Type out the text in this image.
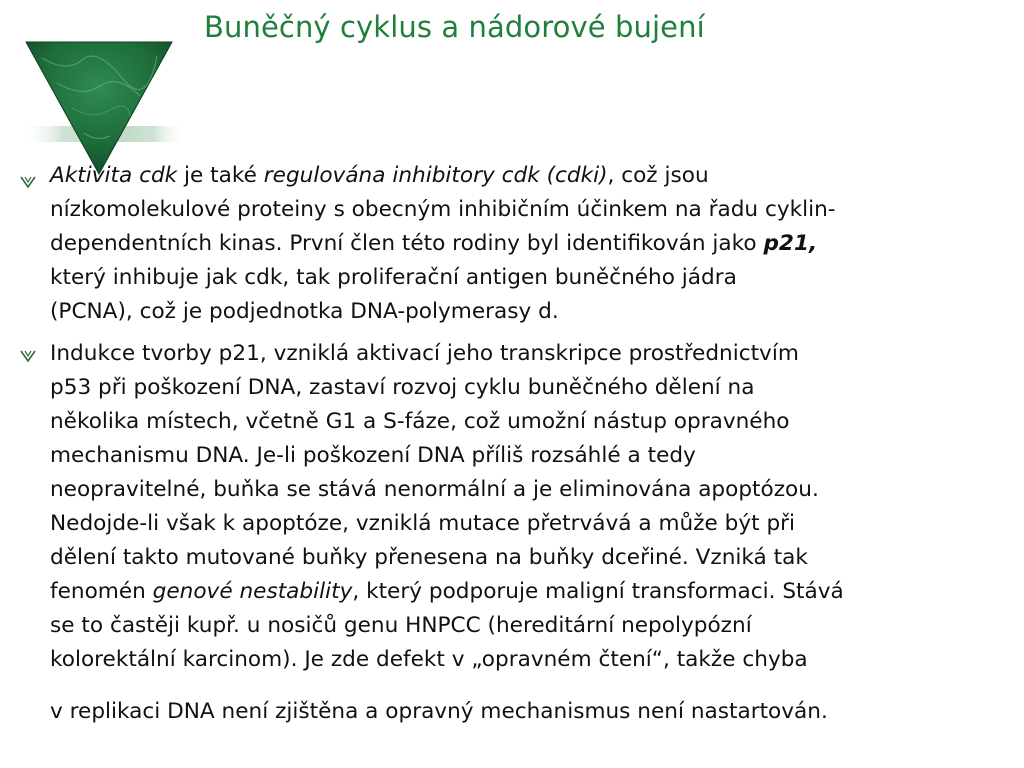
Buněčný cyklus a nádorové bujení
Aktivita cdk je také regulována inhibitory cdk (cdki), což jsou
nízkomolekulové proteiny s obecným inhibičním účinkem na řadu cyklin-
dependentních kinas. První člen této rodiny byl identifikován jako p21,
který inhibuje jak cdk, tak proliferační antigen buněčného jádra
(PCNA), což je podjednotka DNA-polymerasy d.
Indukce tvorby p21, vzniklá aktivací jeho transkripce prostřednictvím
p53 při poškození DNA, zastaví rozvoj cyklu buněčného dělení na
několika místech, včetně G1 a S-fáze, což umožní nástup opravného
mechanismu DNA. Je-li poškození DNA příliš rozsáhlé a tedy
neopravitelné, buňka se stává nenormální a je eliminována apoptózou.
Nedojde-li však k apoptóze, vzniklá mutace přetrvává a může být při
dělení takto mutované buňky přenesena na buňky dceřiné. Vzniká tak
fenomén genové nestability, který podporuje maligní transformaci. Stává
se to častěji kupř. u nosičů genu HNPCC (hereditární nepolypózní
kolorektální karcinom). Je zde defekt v „opravném čtení“, takže chyba
v replikaci DNA není zjištěna a opravný mechanismus není nastartován.
